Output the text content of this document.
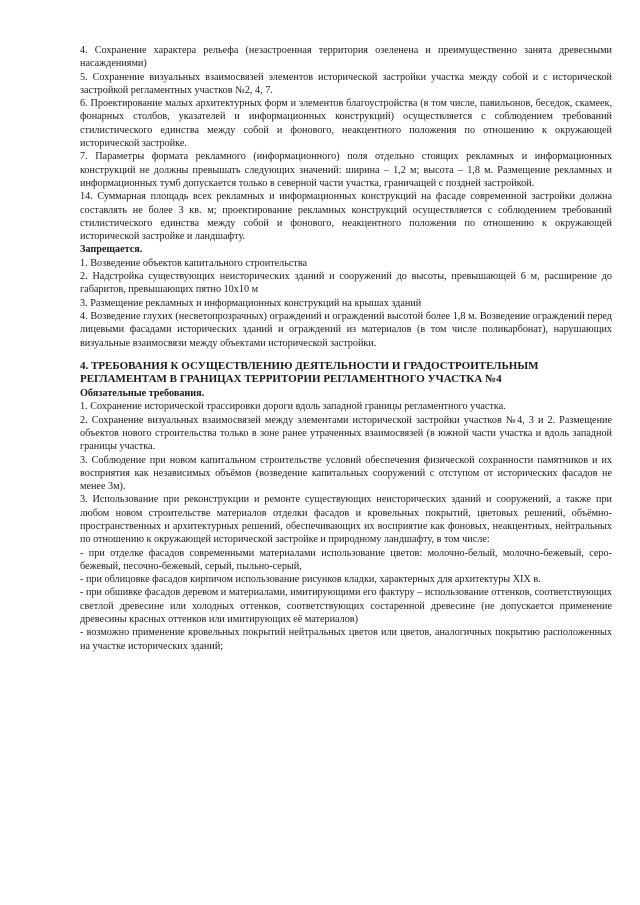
4. Сохранение характера рельефа (незастроенная территория озеленена и преимущественно занята древесными насаждениями)

5. Сохранение визуальных взаимосвязей элементов исторической застройки участка между собой и с исторической застройкой регламентных участков №2, 4, 7.

6. Проектирование малых архитектурных форм и элементов благоустройства (в том числе, павильонов, беседок, скамеек, фонарных столбов, указателей и информационных конструкций) осуществляется с соблюдением требований стилистического единства между собой и фонового, неакцентного положения по отношению к окружающей исторической застройке.

7. Параметры формата рекламного (информационного) поля отдельно стоящих рекламных и информационных конструкций не должны превышать следующих значений: ширина – 1,2 м; высота – 1,8 м. Размещение рекламных и информационных тумб допускается только в северной части участка, граничащей с поздней застройкой.

14. Суммарная площадь всех рекламных и информационных конструкций на фасаде современной застройки должна составлять не более 3 кв. м; проектирование рекламных конструкций осуществляется с соблюдением требований стилистического единства между собой и фонового, неакцентного положения по отношению к окружающей исторической застройке и ландшафту.

Запрещается.

1. Возведение объектов капитального строительства

2. Надстройка существующих неисторических зданий и сооружений до высоты, превышающей 6 м, расширение до габаритов, превышающих пятно 10х10 м

3. Размещение рекламных и информационных конструкций на крышах зданий

4. Возведение глухих (несветопрозрачных) ограждений и ограждений высотой более 1,8 м. Возведение ограждений перед лицевыми фасадами исторических зданий и ограждений из материалов (в том числе поликарбонат), нарушающих визуальные взаимосвязи между объектами исторической застройки.

4. ТРЕБОВАНИЯ К ОСУЩЕСТВЛЕНИЮ ДЕЯТЕЛЬНОСТИ И ГРАДОСТРОИТЕЛЬНЫМ РЕГЛАМЕНТАМ В ГРАНИЦАХ ТЕРРИТОРИИ РЕГЛАМЕНТНОГО УЧАСТКА №4

Обязательные требования.

1. Сохранение исторической трассировки дороги вдоль западной границы регламентного участка.

2. Сохранение визуальных взаимосвязей между элементами исторической застройки участков №4, 3 и 2. Размещение объектов нового строительства только в зоне ранее утраченных взаимосвязей (в южной части участка и вдоль западной границы участка.

3. Соблюдение при новом капитальном строительстве условий обеспечения физической сохранности памятников и их восприятия как независимых объёмов (возведение капитальных сооружений с отступом от исторических фасадов не менее 3м).

3. Использование при реконструкции и ремонте существующих неисторических зданий и сооружений, а также при любом новом строительстве материалов отделки фасадов и кровельных покрытий, цветовых решений, объёмно-пространственных и архитектурных решений, обеспечивающих их восприятие как фоновых, неакцентных, нейтральных по отношению к окружающей исторической застройке и природному ландшафту, в том числе:

- при отделке фасадов современными материалами использование цветов: молочно-белый, молочно-бежевый, серо-бежевый, песочно-бежевый, серый, пыльно-серый,

- при облицовке фасадов кирпичом использование рисунков кладки, характерных для архитектуры XIX в.

- при обшивке фасадов деревом и материалами, имитирующими его фактуру – использование оттенков, соответствующих светлой древесине или холодных оттенков, соответствующих состаренной древесине (не допускается применение древесины красных оттенков или имитирующих её материалов)

- возможно применение кровельных покрытий нейтральных цветов или цветов, аналогичных покрытию расположенных на участке исторических зданий;
